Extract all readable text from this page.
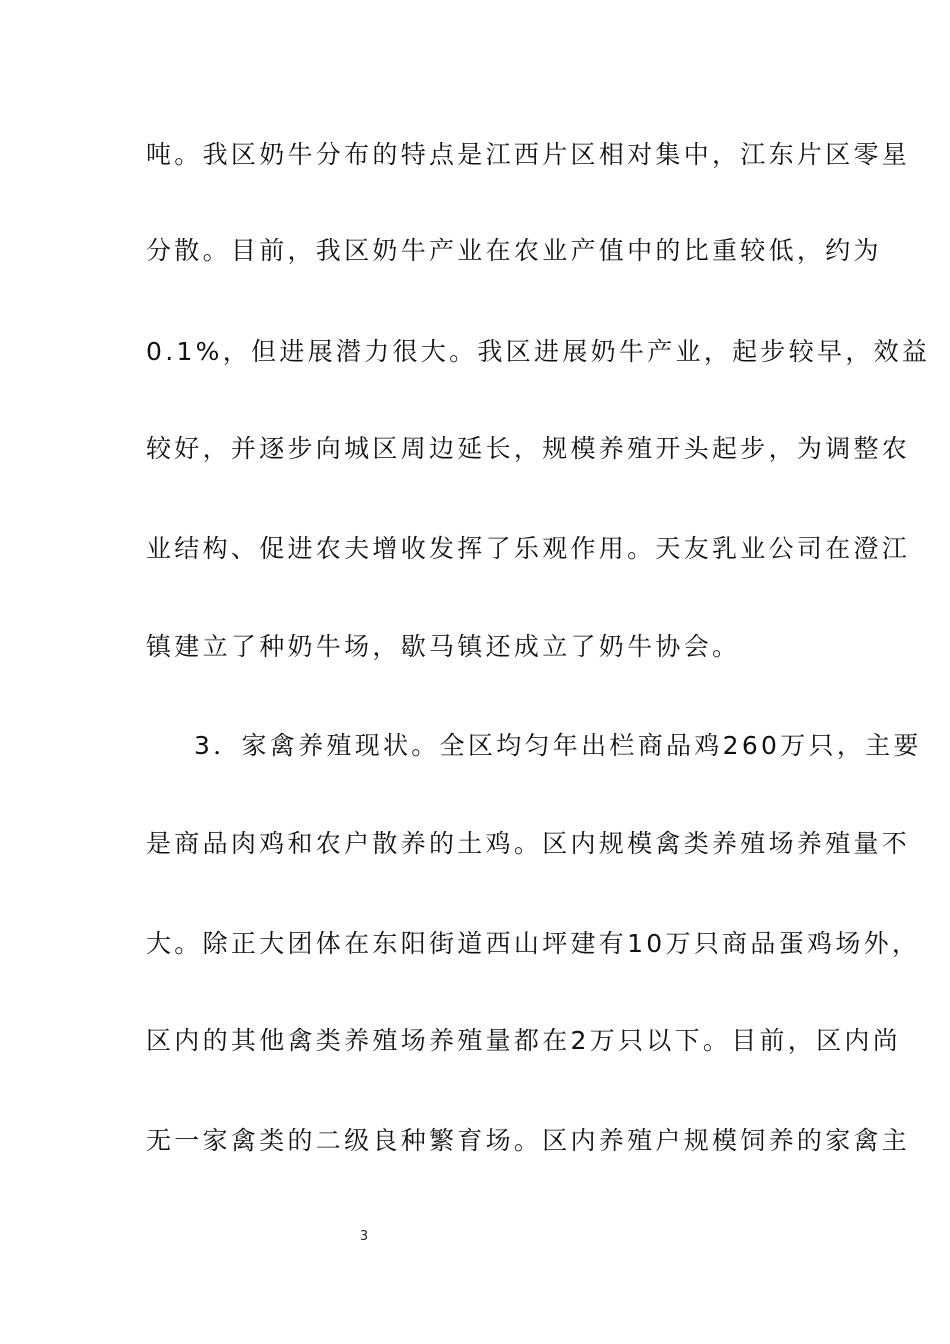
吨。我区奶牛分布的特点是江西片区相对集中，江东片区零星
分散。目前，我区奶牛产业在农业产值中的比重较低，约为
0.1%，但进展潜力很大。我区进展奶牛产业，起步较早，效益
较好，并逐步向城区周边延长，规模养殖开头起步，为调整农
业结构、促进农夫增收发挥了乐观作用。天友乳业公司在澄江
镇建立了种奶牛场，歇马镇还成立了奶牛协会。
3．家禽养殖现状。全区均匀年出栏商品鸡260万只，主要
是商品肉鸡和农户散养的土鸡。区内规模禽类养殖场养殖量不
大。除正大团体在东阳街道西山坪建有10万只商品蛋鸡场外，
区内的其他禽类养殖场养殖量都在2万只以下。目前，区内尚
无一家禽类的二级良种繁育场。区内养殖户规模饲养的家禽主
3
